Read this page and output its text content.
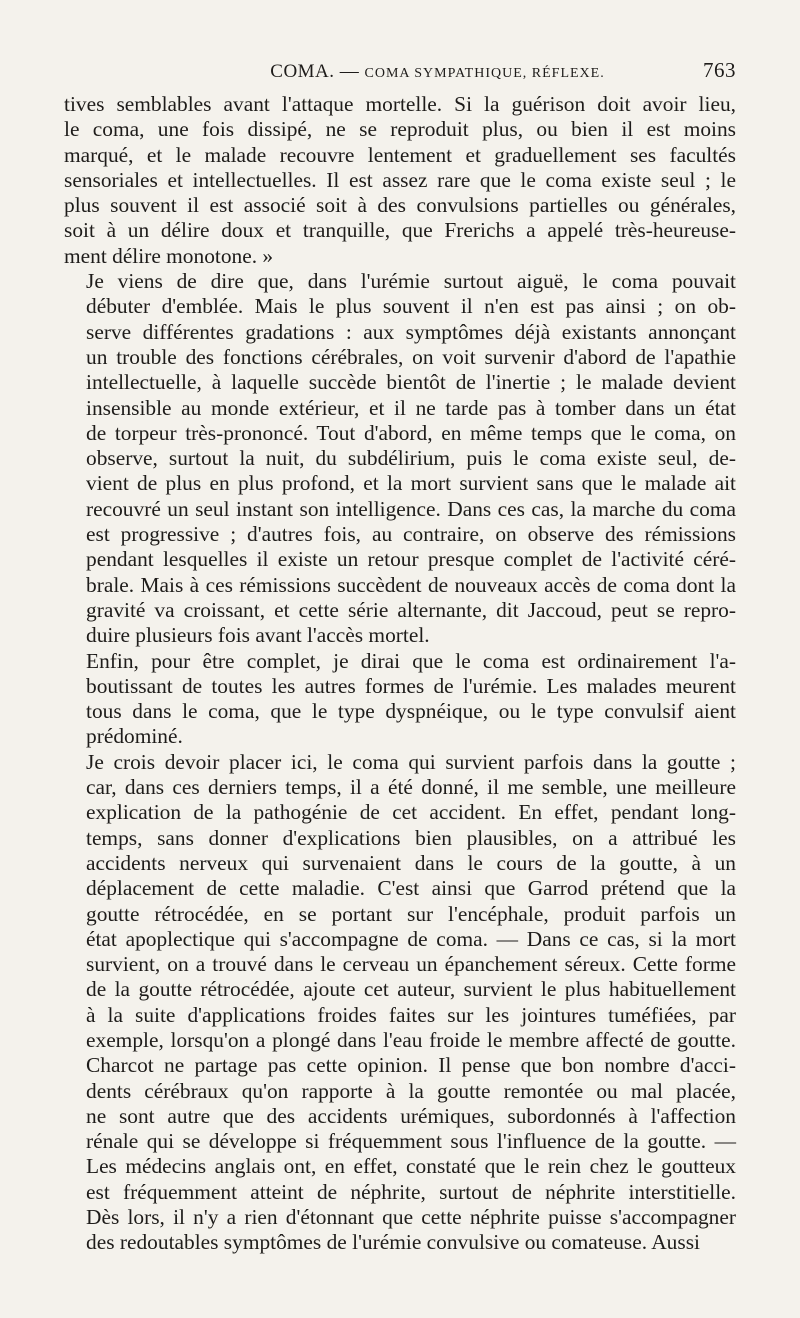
COMA. — COMA SYMPATHIQUE, RÉFLEXE.	763

tives semblables avant l'attaque mortelle. Si la guérison doit avoir lieu,
le coma, une fois dissipé, ne se reproduit plus, ou bien il est moins
marqué, et le malade recouvre lentement et graduellement ses facultés
sensoriales et intellectuelles. Il est assez rare que le coma existe seul ; le
plus souvent il est associé soit à des convulsions partielles ou générales,
soit à un délire doux et tranquille, que Frerichs a appelé très-heureuse-
ment délire monotone. »

Je viens de dire que, dans l'urémie surtout aiguë, le coma pouvait
débuter d'emblée. Mais le plus souvent il n'en est pas ainsi ; on ob-
serve différentes gradations : aux symptômes déjà existants annonçant
un trouble des fonctions cérébrales, on voit survenir d'abord de l'apathie
intellectuelle, à laquelle succède bientôt de l'inertie ; le malade devient
insensible au monde extérieur, et il ne tarde pas à tomber dans un état
de torpeur très-prononcé. Tout d'abord, en même temps que le coma, on
observe, surtout la nuit, du subdélirium, puis le coma existe seul, de-
vient de plus en plus profond, et la mort survient sans que le malade ait
recouvré un seul instant son intelligence. Dans ces cas, la marche du coma
est progressive ; d'autres fois, au contraire, on observe des rémissions
pendant lesquelles il existe un retour presque complet de l'activité céré-
brale. Mais à ces rémissions succèdent de nouveaux accès de coma dont la
gravité va croissant, et cette série alternante, dit Jaccoud, peut se repro-
duire plusieurs fois avant l'accès mortel.

Enfin, pour être complet, je dirai que le coma est ordinairement l'a-
boutissant de toutes les autres formes de l'urémie. Les malades meurent
tous dans le coma, que le type dyspnéique, ou le type convulsif aient
prédominé.

Je crois devoir placer ici, le coma qui survient parfois dans la goutte ;
car, dans ces derniers temps, il a été donné, il me semble, une meilleure
explication de la pathogénie de cet accident. En effet, pendant long-
temps, sans donner d'explications bien plausibles, on a attribué les
accidents nerveux qui survenaient dans le cours de la goutte, à un
déplacement de cette maladie. C'est ainsi que Garrod prétend que la
goutte rétrocédée, en se portant sur l'encéphale, produit parfois un
état apoplectique qui s'accompagne de coma. — Dans ce cas, si la mort
survient, on a trouvé dans le cerveau un épanchement séreux. Cette forme
de la goutte rétrocédée, ajoute cet auteur, survient le plus habituellement
à la suite d'applications froides faites sur les jointures tuméfiées, par
exemple, lorsqu'on a plongé dans l'eau froide le membre affecté de goutte.
Charcot ne partage pas cette opinion. Il pense que bon nombre d'acci-
dents cérébraux qu'on rapporte à la goutte remontée ou mal placée,
ne sont autre que des accidents urémiques, subordonnés à l'affection
rénale qui se développe si fréquemment sous l'influence de la goutte. —
Les médecins anglais ont, en effet, constaté que le rein chez le goutteux
est fréquemment atteint de néphrite, surtout de néphrite interstitielle.
Dès lors, il n'y a rien d'étonnant que cette néphrite puisse s'accompagner
des redoutables symptômes de l'urémie convulsive ou comateuse. Aussi
